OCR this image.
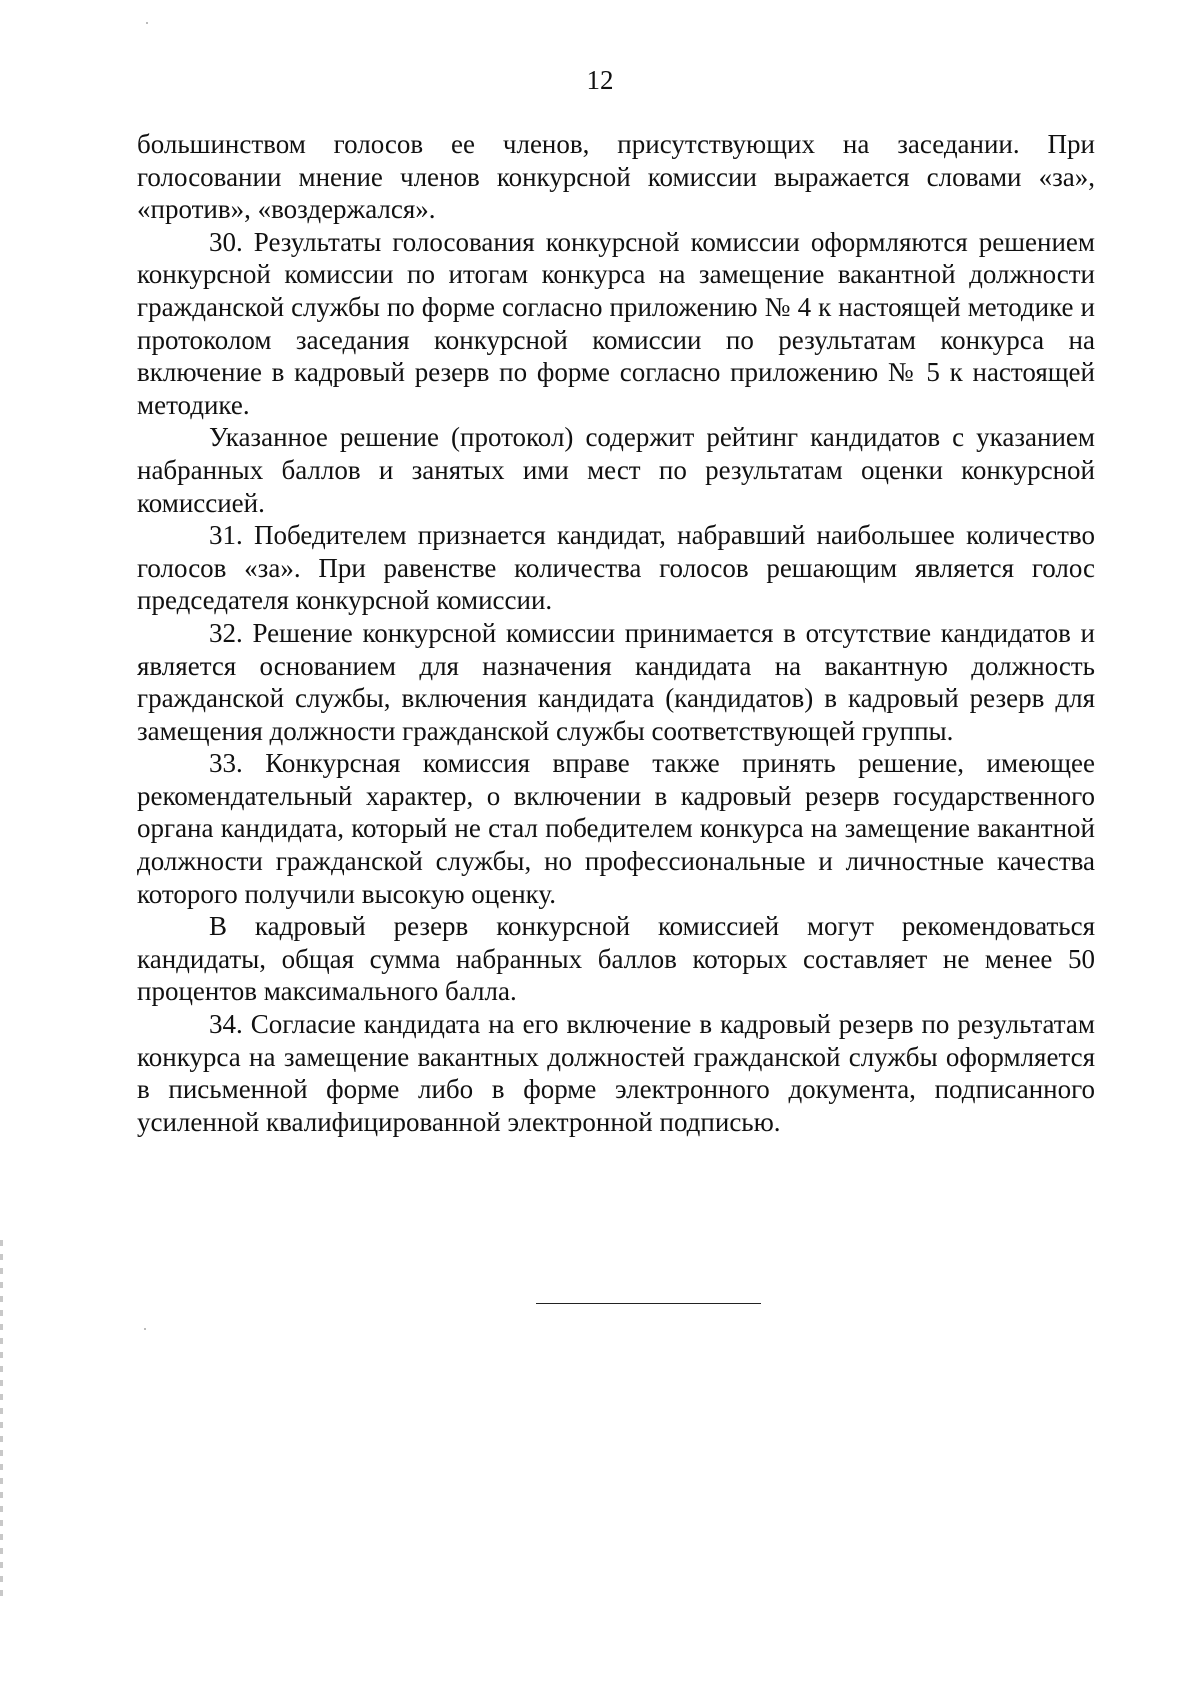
12

большинством голосов ее членов, присутствующих на заседании. При голосовании мнение членов конкурсной комиссии выражается словами «за», «против», «воздержался».

30. Результаты голосования конкурсной комиссии оформляются решением конкурсной комиссии по итогам конкурса на замещение вакантной должности гражданской службы по форме согласно приложению № 4 к настоящей методике и протоколом заседания конкурсной комиссии по результатам конкурса на включение в кадровый резерв по форме согласно приложению № 5 к настоящей методике.

Указанное решение (протокол) содержит рейтинг кандидатов с указанием набранных баллов и занятых ими мест по результатам оценки конкурсной комиссией.

31. Победителем признается кандидат, набравший наибольшее количество голосов «за». При равенстве количества голосов решающим является голос председателя конкурсной комиссии.

32. Решение конкурсной комиссии принимается в отсутствие кандидатов и является основанием для назначения кандидата на вакантную должность гражданской службы, включения кандидата (кандидатов) в кадровый резерв для замещения должности гражданской службы соответствующей группы.

33. Конкурсная комиссия вправе также принять решение, имеющее рекомендательный характер, о включении в кадровый резерв государственного органа кандидата, который не стал победителем конкурса на замещение вакантной должности гражданской службы, но профессиональные и личностные качества которого получили высокую оценку.

В кадровый резерв конкурсной комиссией могут рекомендоваться кандидаты, общая сумма набранных баллов которых составляет не менее 50 процентов максимального балла.

34. Согласие кандидата на его включение в кадровый резерв по результатам конкурса на замещение вакантных должностей гражданской службы оформляется в письменной форме либо в форме электронного документа, подписанного усиленной квалифицированной электронной подписью.
